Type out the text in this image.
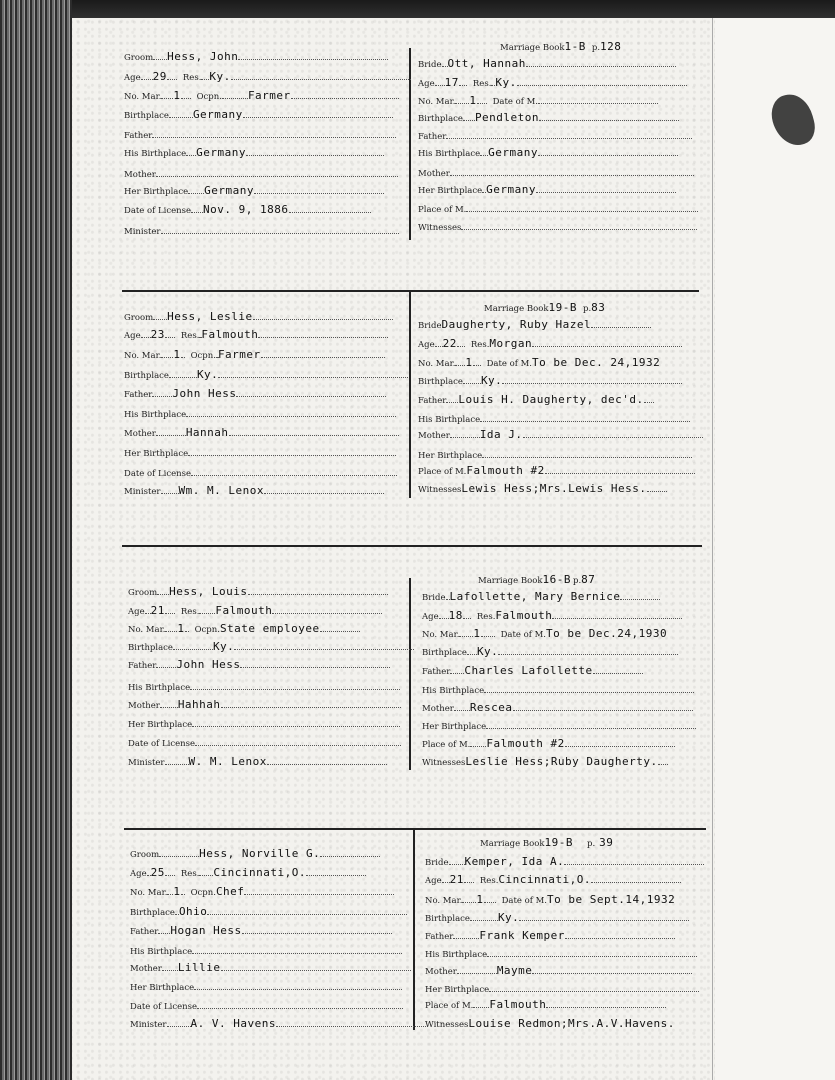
Groom Hess, John
Age 29 Res. Ky.
No. Mar. 1 Ocpn. Farmer
Birthplace Germany
Father
His Birthplace Germany
Mother
Her Birthplace Germany
Date of License Nov. 9, 1886
Minister
Marriage Book1-B p.128
Bride Ott, Hannah
Age 17 Res. Ky.
No. Mar. 1 Date of M.
Birthplace Pendleton
Father
His Birthplace Germany
Mother
Her Birthplace Germany
Place of M.
Witnesses
Groom Hess, Leslie
Age 23 Res. Falmouth
No. Mar. 1 Ocpn. Farmer
Birthplace	Ky.
Father John Hess
His Birthplace
Mother	Hannah
Her Birthplace
Date of License
Minister Wm. M. Lenox
Marriage Book19-B p.83
BrideDaugherty, Ruby Hazel
Age 22 Res.Morgan
No. Mar. 1 Date of M.To be Dec. 24,1932
Birthplace Ky.
Father Louis H. Daugherty, dec'd.
His Birthplace
Mother	Ida J.
Her Birthplace
Place of M.Falmouth #2
WitnessesLewis Hess;Mrs.Lewis Hess.
Groom Hess, Louis
Age 21 Res. Falmouth
No. Mar. 1 Ocpn.State employee
Birthplace	Ky.
Father John Hess
His Birthplace
Mother Hahhah
Her Birthplace
Date of License
Minister W. M. Lenox
Marriage Book16-B p.87
Bride Lafollette, Mary Bernice
Age 18 Res.Falmouth
No. Mar. 1 Date of M.To be Dec.24,1930
Birthplace Ky.
Father Charles Lafollette
His Birthplace
Mother Rescea
Her Birthplace
Place of M. Falmouth #2
WitnessesLeslie Hess;Ruby Daugherty.
Groom	Hess, Norville G.
Age 25 Res. Cincinnati,O.
No. Mar. 1 Ocpn.Chef
Birthplace Ohio
Father Hogan Hess
His Birthplace
Mother Lillie
Her Birthplace
Date of License
Minister A. V. Havens
Marriage Book19-B p. 39
Bride Kemper, Ida A.
Age 21 Res.Cincinnati,O.
No. Mar. 1 Date of M.To be Sept.14,1932
Birthplace	Ky.
Father Frank Kemper
His Birthplace
Mother	Mayme
Her Birthplace
Place of M. Falmouth
WitnessesLouise Redmon;Mrs.A.V.Havens.
